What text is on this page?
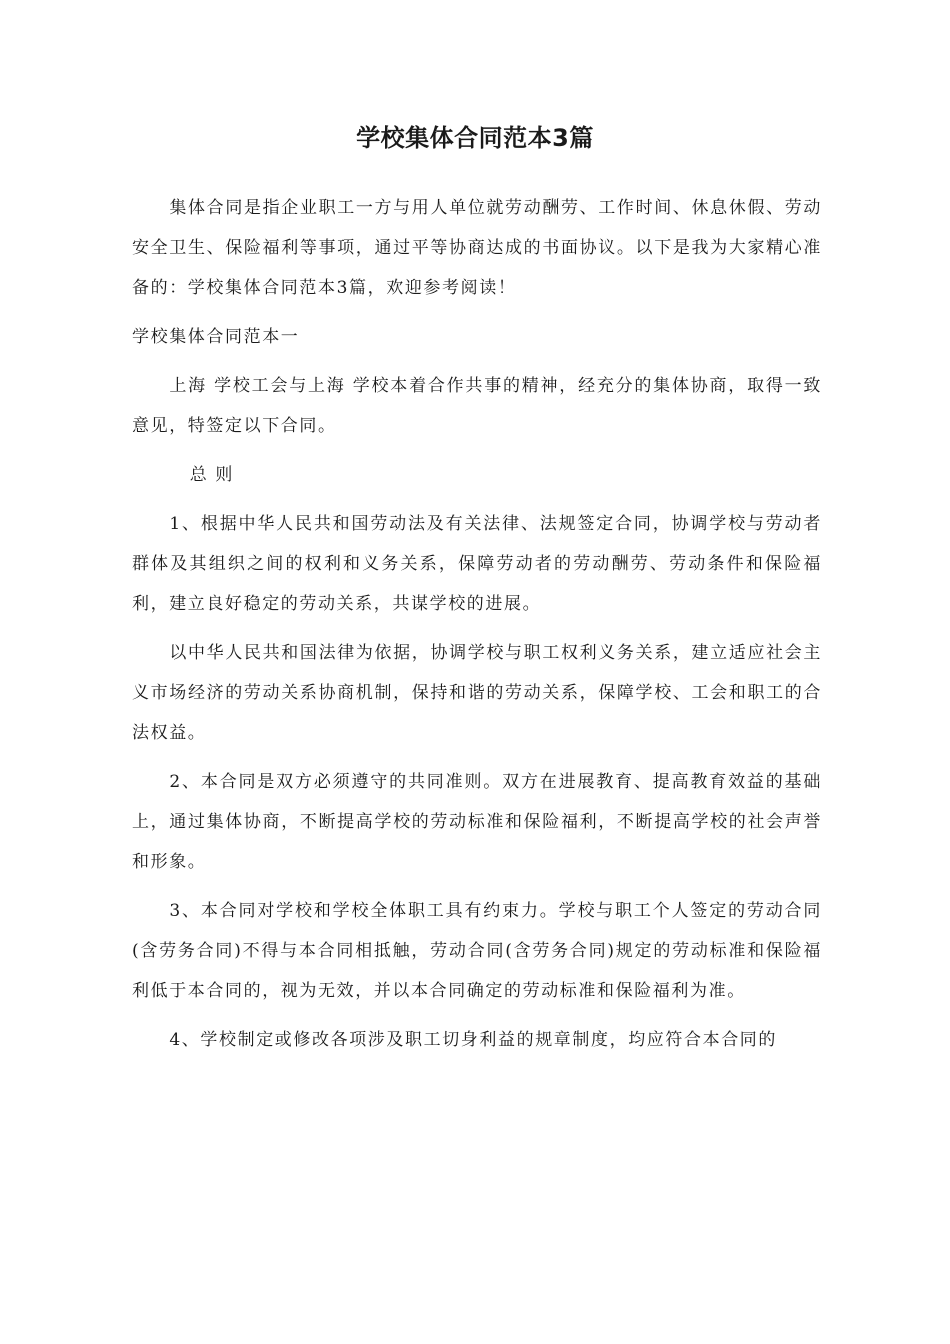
学校集体合同范本3篇

集体合同是指企业职工一方与用人单位就劳动酬劳、工作时间、休息休假、劳动安全卫生、保险福利等事项，通过平等协商达成的书面协议。以下是我为大家精心准备的：学校集体合同范本3篇，欢迎参考阅读！

学校集体合同范本一

上海 学校工会与上海 学校本着合作共事的精神，经充分的集体协商，取得一致意见，特签定以下合同。

总 则

1、根据中华人民共和国劳动法及有关法律、法规签定合同，协调学校与劳动者群体及其组织之间的权利和义务关系，保障劳动者的劳动酬劳、劳动条件和保险福利，建立良好稳定的劳动关系，共谋学校的进展。

以中华人民共和国法律为依据，协调学校与职工权利义务关系，建立适应社会主义市场经济的劳动关系协商机制，保持和谐的劳动关系，保障学校、工会和职工的合法权益。

2、本合同是双方必须遵守的共同准则。双方在进展教育、提高教育效益的基础上，通过集体协商，不断提高学校的劳动标准和保险福利，不断提高学校的社会声誉和形象。

3、本合同对学校和学校全体职工具有约束力。学校与职工个人签定的劳动合同(含劳务合同)不得与本合同相抵触，劳动合同(含劳务合同)规定的劳动标准和保险福利低于本合同的，视为无效，并以本合同确定的劳动标准和保险福利为准。

4、学校制定或修改各项涉及职工切身利益的规章制度，均应符合本合同的
